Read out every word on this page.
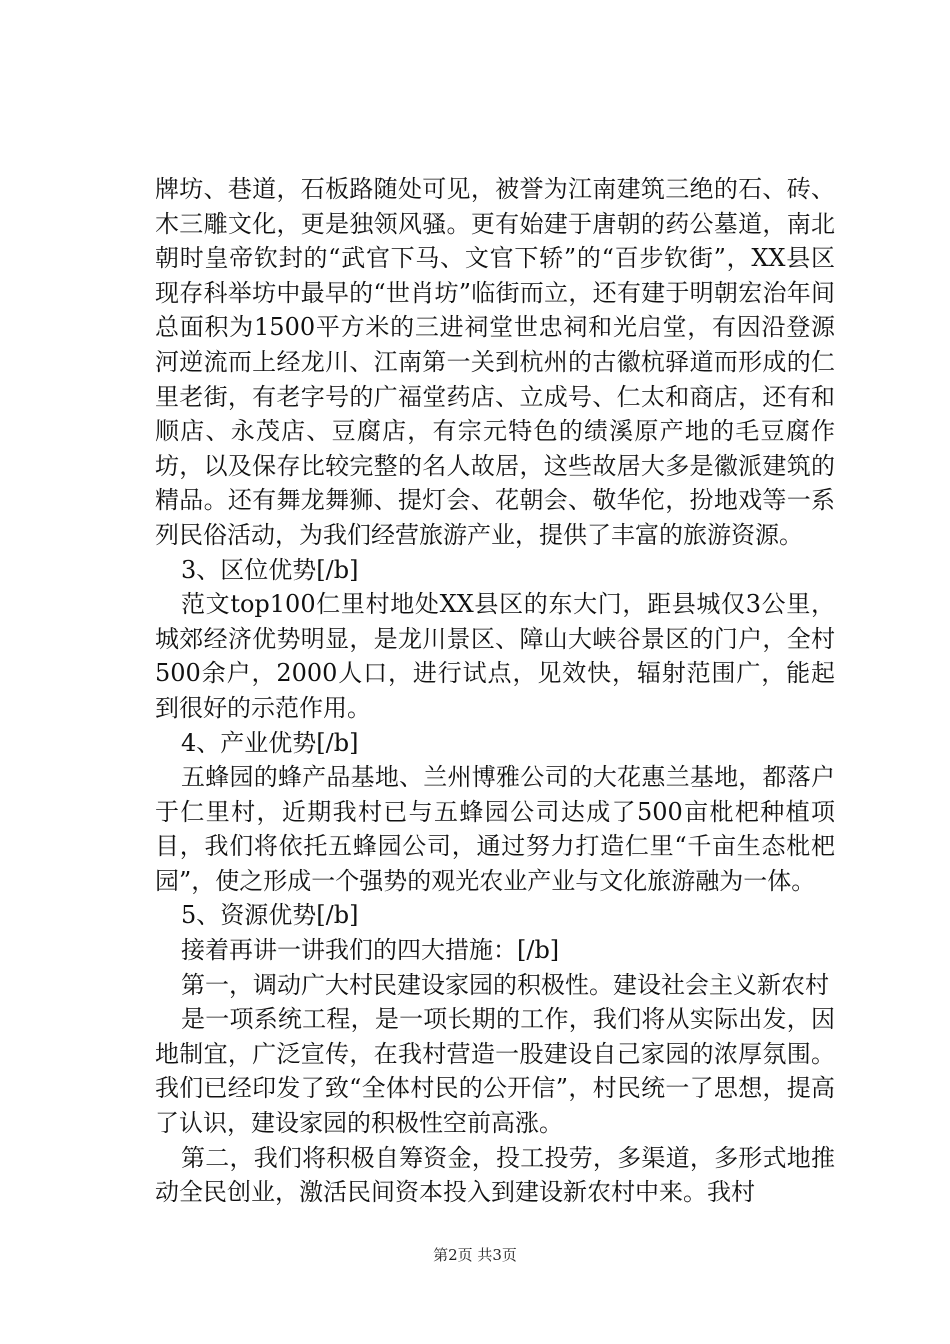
牌坊、巷道，石板路随处可见，被誉为江南建筑三绝的石、砖、木三雕文化，更是独领风骚。更有始建于唐朝的药公墓道，南北朝时皇帝钦封的“武官下马、文官下轿”的“百步钦街”，XX县区现存科举坊中最早的“世肖坊”临街而立，还有建于明朝宏治年间总面积为1500平方米的三进祠堂世忠祠和光启堂，有因沿登源河逆流而上经龙川、江南第一关到杭州的古徽杭驿道而形成的仁里老街，有老字号的广福堂药店、立成号、仁太和商店，还有和顺店、永茂店、豆腐店，有宗元特色的绩溪原产地的毛豆腐作坊，以及保存比较完整的名人故居，这些故居大多是徽派建筑的精品。还有舞龙舞狮、提灯会、花朝会、敬华佗，扮地戏等一系列民俗活动，为我们经营旅游产业，提供了丰富的旅游资源。

3、区位优势[/b]

范文top100仁里村地处XX县区的东大门，距县城仅3公里，城郊经济优势明显，是龙川景区、障山大峡谷景区的门户，全村500余户，2000人口，进行试点，见效快，辐射范围广，能起到很好的示范作用。

4、产业优势[/b]

五蜂园的蜂产品基地、兰州博雅公司的大花惠兰基地，都落户于仁里村，近期我村已与五蜂园公司达成了500亩枇杷种植项目，我们将依托五蜂园公司，通过努力打造仁里“千亩生态枇杷园”，使之形成一个强势的观光农业产业与文化旅游融为一体。

5、资源优势[/b]

接着再讲一讲我们的四大措施：[/b]

第一，调动广大村民建设家园的积极性。建设社会主义新农村

是一项系统工程，是一项长期的工作，我们将从实际出发，因地制宜，广泛宣传，在我村营造一股建设自己家园的浓厚氛围。我们已经印发了致“全体村民的公开信”，村民统一了思想，提高了认识，建设家园的积极性空前高涨。

第二，我们将积极自筹资金，投工投劳，多渠道，多形式地推动全民创业，激活民间资本投入到建设新农村中来。我村

第2页 共3页
